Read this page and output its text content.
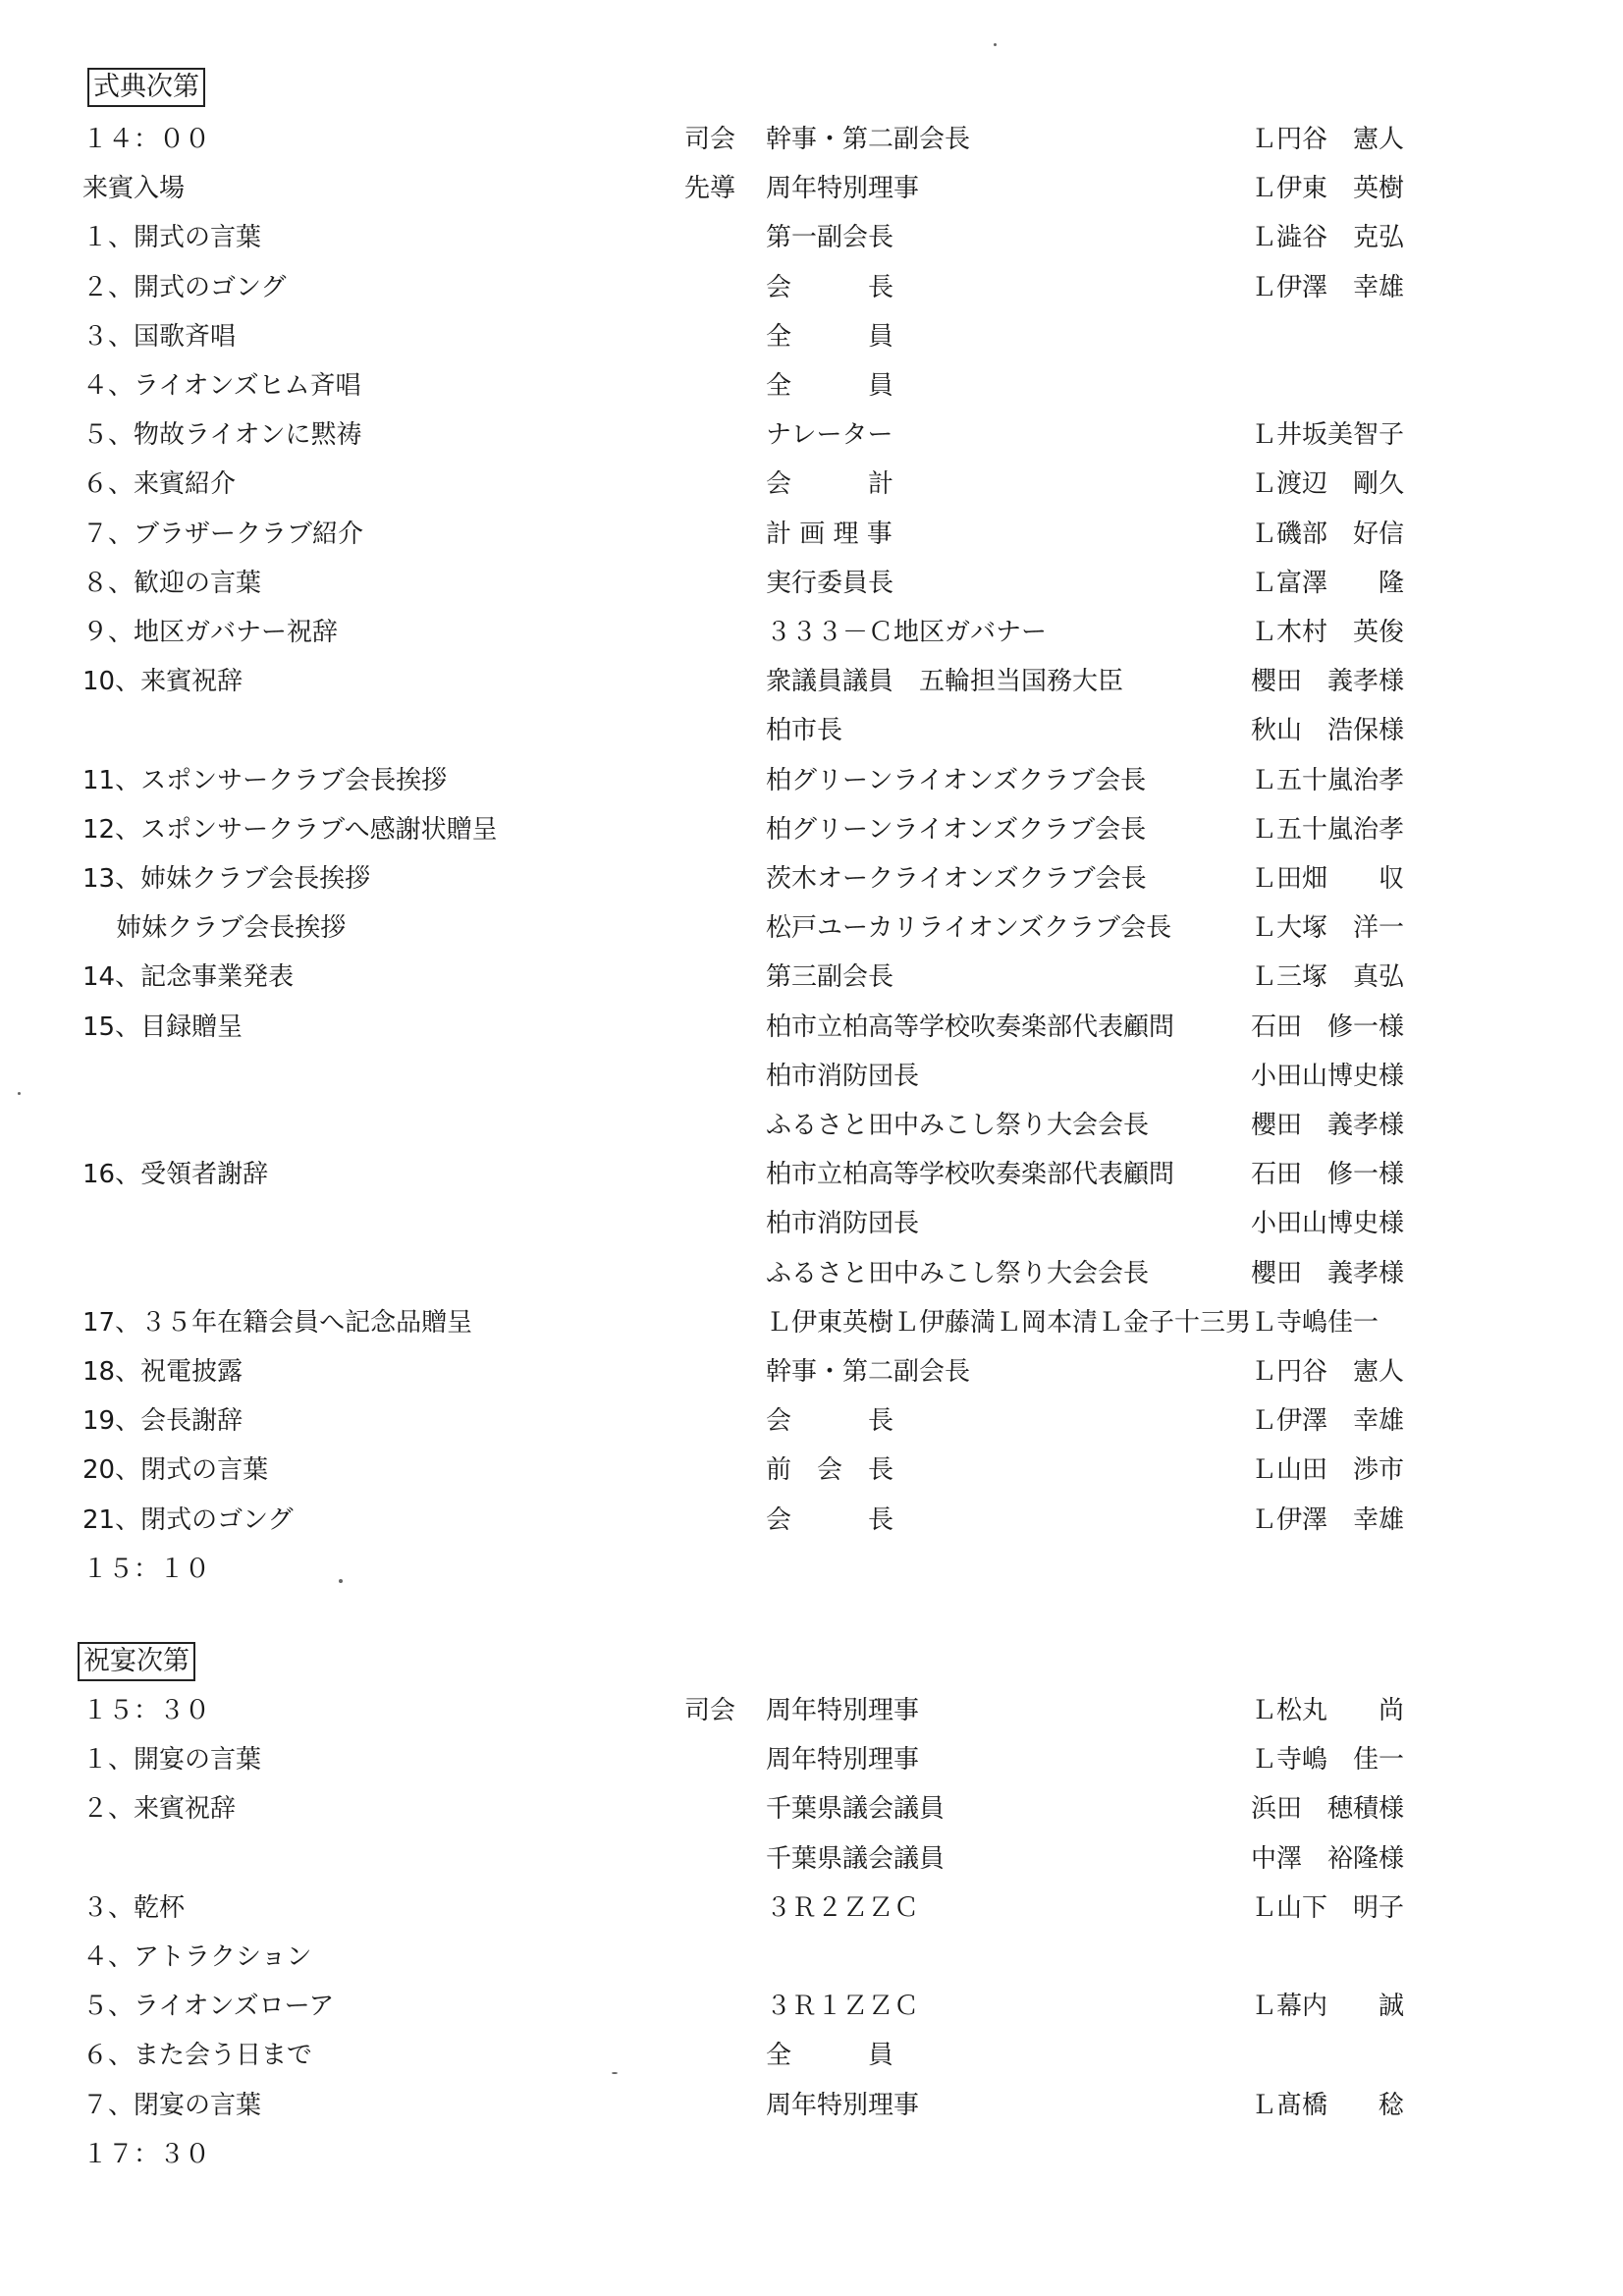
式典次第
１４：００	司会 幹事・第二副会長	Ｌ円谷　憲人
来賓入場	先導 周年特別理事	Ｌ伊東　英樹
１、開式の言葉	第一副会長	Ｌ澁谷　克弘
２、開式のゴング	会　　　長	Ｌ伊澤　幸雄
３、国歌斉唱	全　　　員
４、ライオンズヒム斉唱	全　　　員
５、物故ライオンに黙祷	ナレーター	Ｌ井坂美智子
６、来賓紹介	会　　　計	Ｌ渡辺　剛久
７、ブラザークラブ紹介	計 画 理 事	Ｌ磯部　好信
８、歓迎の言葉	実行委員長	Ｌ富澤　　隆
９、地区ガバナー祝辞	３３３－Ｃ地区ガバナー	Ｌ木村　英俊
10、来賓祝辞	衆議員議員　五輪担当国務大臣	櫻田　義孝様
柏市長	秋山　浩保様
11、スポンサークラブ会長挨拶	柏グリーンライオンズクラブ会長	Ｌ五十嵐治孝
12、スポンサークラブへ感謝状贈呈	柏グリーンライオンズクラブ会長	Ｌ五十嵐治孝
13、姉妹クラブ会長挨拶	茨木オークライオンズクラブ会長	Ｌ田畑　　収
　 姉妹クラブ会長挨拶	松戸ユーカリライオンズクラブ会長	Ｌ大塚　洋一
14、記念事業発表	第三副会長	Ｌ三塚　真弘
15、目録贈呈	柏市立柏高等学校吹奏楽部代表顧問	石田　修一様
柏市消防団長	小田山博史様
ふるさと田中みこし祭り大会会長	櫻田　義孝様
16、受領者謝辞	柏市立柏高等学校吹奏楽部代表顧問	石田　修一様
柏市消防団長	小田山博史様
ふるさと田中みこし祭り大会会長	櫻田　義孝様
17、３５年在籍会員へ記念品贈呈	Ｌ伊東英樹Ｌ伊藤満Ｌ岡本清Ｌ金子十三男Ｌ寺嶋佳一
18、祝電披露	幹事・第二副会長	Ｌ円谷　憲人
19、会長謝辞	会　　　長	Ｌ伊澤　幸雄
20、閉式の言葉	前　会　長	Ｌ山田　渉市
21、閉式のゴング	会　　　長	Ｌ伊澤　幸雄
１５：１０
祝宴次第
１５：３０	司会 周年特別理事	Ｌ松丸　　尚
１、開宴の言葉	周年特別理事	Ｌ寺嶋　佳一
２、来賓祝辞	千葉県議会議員	浜田　穂積様
千葉県議会議員	中澤　裕隆様
３、乾杯	３Ｒ２ＺＺＣ	Ｌ山下　明子
４、アトラクション
５、ライオンズローア	３Ｒ１ＺＺＣ	Ｌ幕内　　誠
６、また会う日まで	全　　　員
７、閉宴の言葉	周年特別理事	Ｌ髙橋　　稔
１７：３０
